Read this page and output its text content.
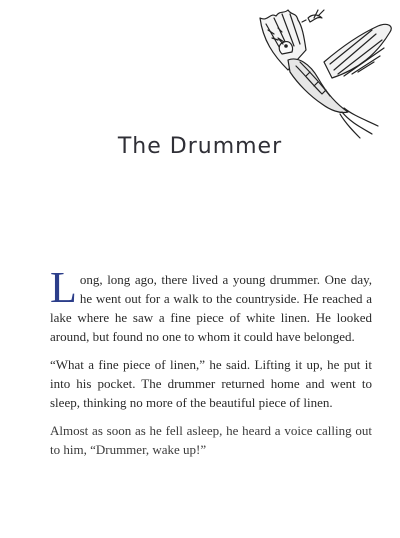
The Drummer

Long, long ago, there lived a young drummer. One day, he went out for a walk to the countryside. He reached a lake where he saw a fine piece of white linen. He looked around, but found no one to whom it could have belonged.

“What a fine piece of linen,” he said. Lifting it up, he put it into his pocket. The drummer returned home and went to sleep, thinking no more of the beautiful piece of linen.

Almost as soon as he fell asleep, he heard a voice calling out to him, “Drummer, wake up!”
